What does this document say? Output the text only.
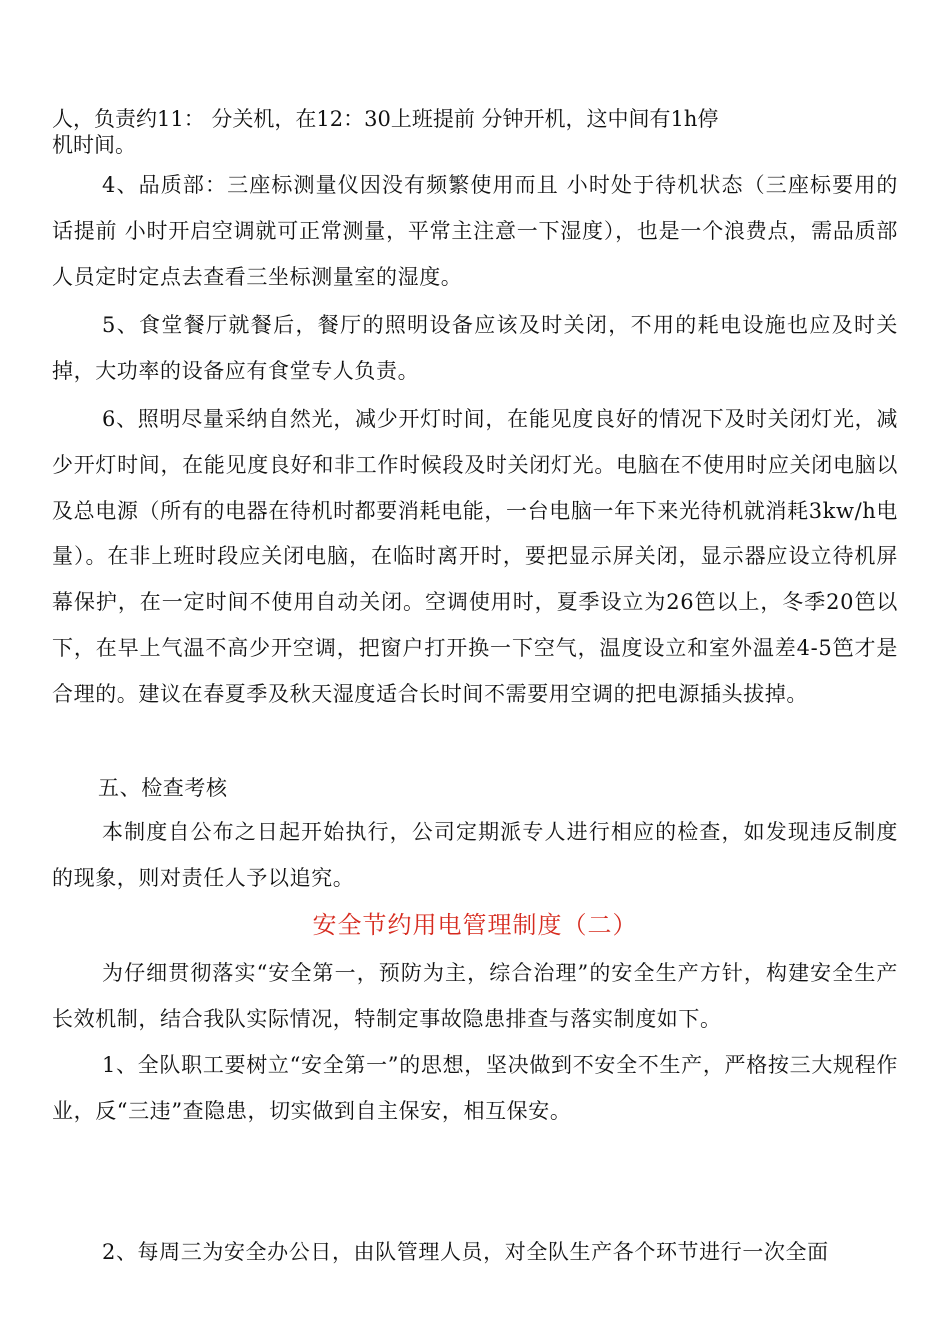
人，负责约11： 分关机，在12：30上班提前 分钟开机，这中间有1h停
机时间。

4、品质部：三座标测量仪因没有频繁使用而且 小时处于待机状态（三座标要用的话提前 小时开启空调就可正常测量，平常主注意一下湿度），也是一个浪费点，需品质部人员定时定点去查看三坐标测量室的湿度。

5、食堂餐厅就餐后，餐厅的照明设备应该及时关闭，不用的耗电设施也应及时关掉，大功率的设备应有食堂专人负责。

6、照明尽量采纳自然光，减少开灯时间，在能见度良好的情况下及时关闭灯光，减少开灯时间，在能见度良好和非工作时候段及时关闭灯光。电脑在不使用时应关闭电脑以及总电源（所有的电器在待机时都要消耗电能，一台电脑一年下来光待机就消耗3kw/h电量）。在非上班时段应关闭电脑，在临时离开时，要把显示屏关闭，显示器应设立待机屏幕保护，在一定时间不使用自动关闭。空调使用时，夏季设立为26笆以上，冬季20笆以下，在早上气温不高少开空调，把窗户打开换一下空气，温度设立和室外温差4-5笆才是合理的。建议在春夏季及秋天湿度适合长时间不需要用空调的把电源插头拔掉。

五、检查考核

本制度自公布之日起开始执行，公司定期派专人进行相应的检查，如发现违反制度的现象，则对责任人予以追究。

安全节约用电管理制度（二）

为仔细贯彻落实“安全第一，预防为主，综合治理”的安全生产方针，构建安全生产长效机制，结合我队实际情况，特制定事故隐患排查与落实制度如下。

1、全队职工要树立“安全第一”的思想，坚决做到不安全不生产，严格按三大规程作业，反“三违”查隐患，切实做到自主保安，相互保安。

2、每周三为安全办公日，由队管理人员，对全队生产各个环节进行一次全面
